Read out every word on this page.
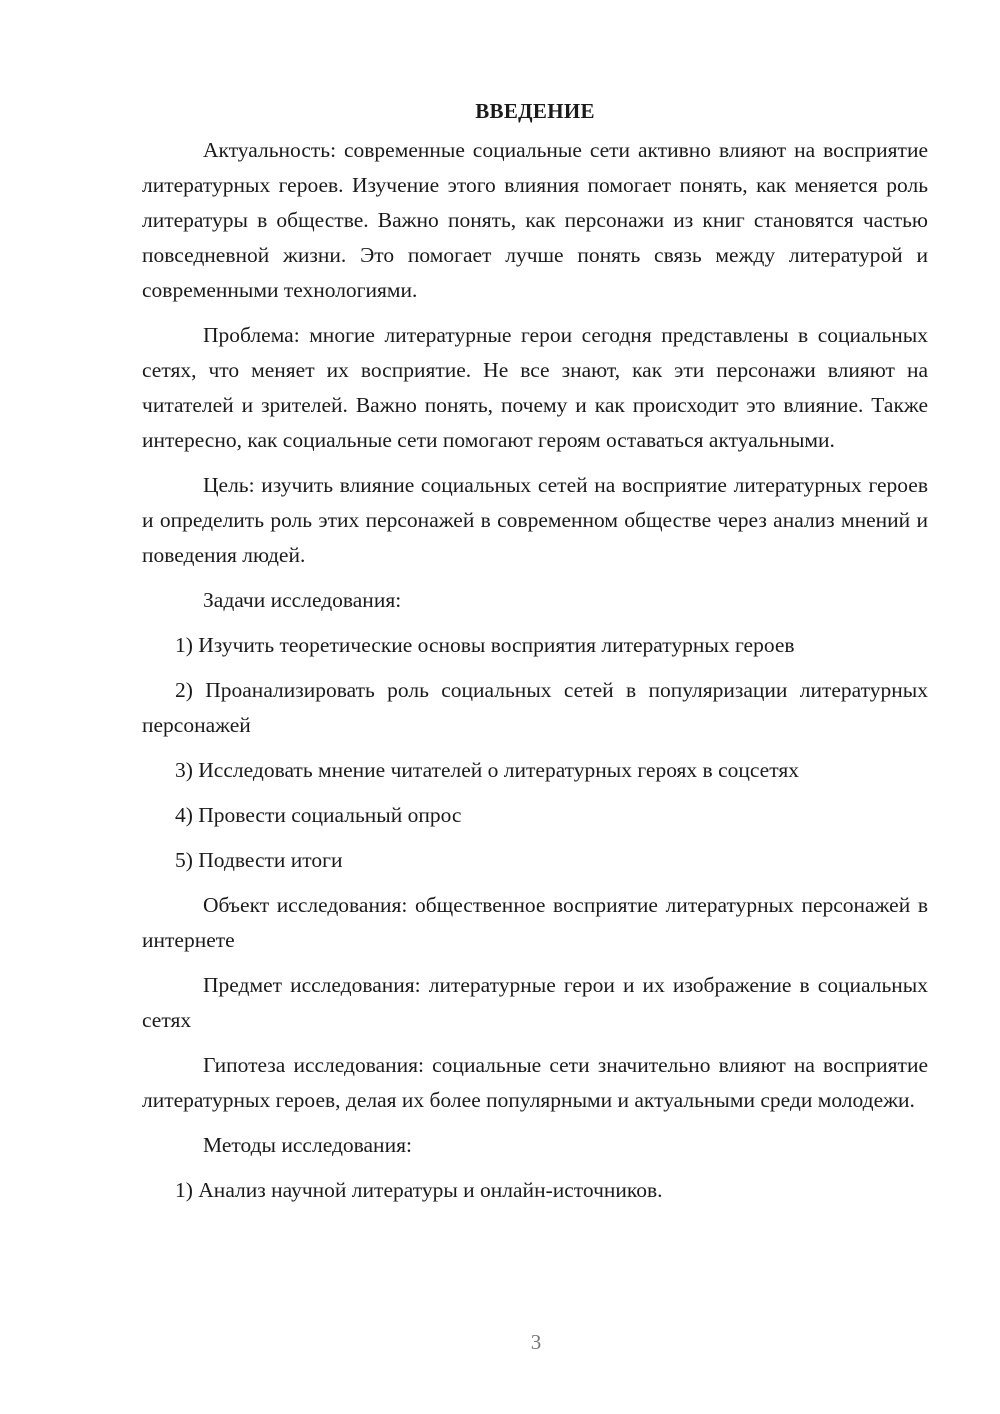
ВВЕДЕНИЕ

Актуальность: современные социальные сети активно влияют на восприятие литературных героев. Изучение этого влияния помогает понять, как меняется роль литературы в обществе. Важно понять, как персонажи из книг становятся частью повседневной жизни. Это помогает лучше понять связь между литературой и современными технологиями.

Проблема: многие литературные герои сегодня представлены в социальных сетях, что меняет их восприятие. Не все знают, как эти персонажи влияют на читателей и зрителей. Важно понять, почему и как происходит это влияние. Также интересно, как социальные сети помогают героям оставаться актуальными.

Цель: изучить влияние социальных сетей на восприятие литературных героев и определить роль этих персонажей в современном обществе через анализ мнений и поведения людей.

Задачи исследования:

1) Изучить теоретические основы восприятия литературных героев

2) Проанализировать роль социальных сетей в популяризации литературных персонажей

3) Исследовать мнение читателей о литературных героях в соцсетях

4) Провести социальный опрос

5) Подвести итоги

Объект исследования: общественное восприятие литературных персонажей в интернете

Предмет исследования: литературные герои и их изображение в социальных сетях

Гипотеза исследования: социальные сети значительно влияют на восприятие литературных героев, делая их более популярными и актуальными среди молодежи.

Методы исследования:

1) Анализ научной литературы и онлайн-источников.

3
